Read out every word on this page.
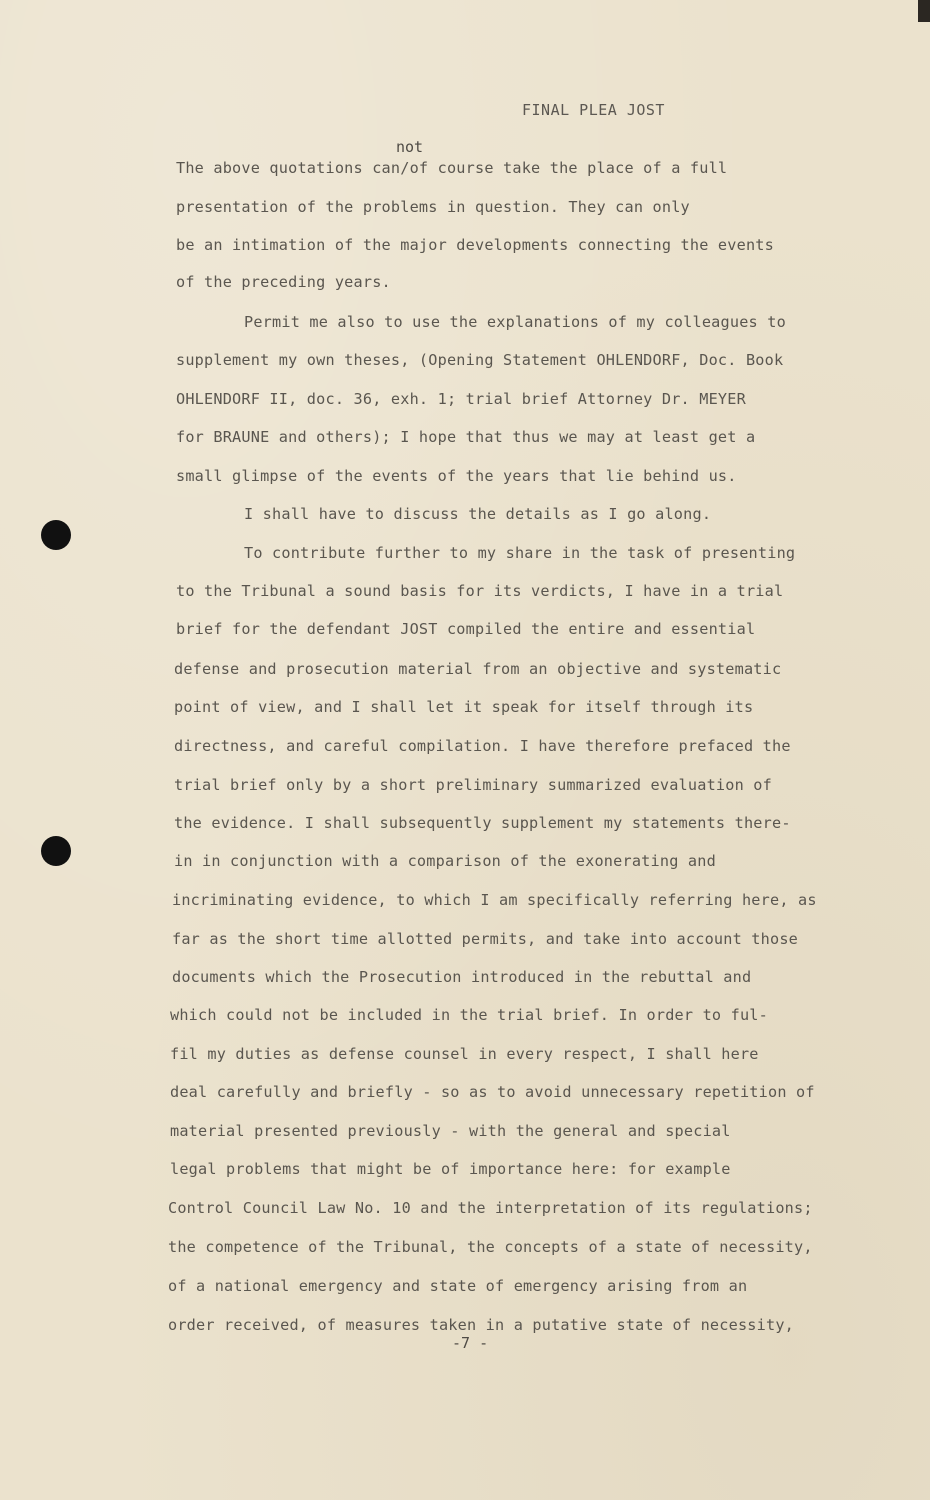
FINAL PLEA JOST
not
The above quotations can/of course take the place of a full
presentation of the problems in question. They can only
be an intimation of the major developments connecting the events
of the preceding years.
Permit me also to use the explanations of my colleagues to
supplement my own theses, (Opening Statement OHLENDORF, Doc. Book
OHLENDORF II, doc. 36, exh. 1; trial brief Attorney Dr. MEYER
for BRAUNE and others); I hope that thus we may at least get a
small glimpse of the events of the years that lie behind us.
I shall have to discuss the details as I go along.
To contribute further to my share in the task of presenting
to the Tribunal a sound basis for its verdicts, I have in a trial
brief for the defendant JOST compiled the entire and essential
defense and prosecution material from an objective and systematic
point of view, and I shall let it speak for itself through its
directness, and careful compilation. I have therefore prefaced the
trial brief only by a short preliminary summarized evaluation of
the evidence. I shall subsequently supplement my statements there-
in in conjunction with a comparison of the exonerating and
incriminating evidence, to which I am specifically referring here, as
far as the short time allotted permits, and take into account those
documents which the Prosecution introduced in the rebuttal and
which could not be included in the trial brief. In order to ful-
fil my duties as defense counsel in every respect, I shall here
deal carefully and briefly - so as to avoid unnecessary repetition of
material presented previously - with the general and special
legal problems that might be of importance here: for example
Control Council Law No. 10 and the interpretation of its regulations;
the competence of the Tribunal, the concepts of a state of necessity,
of a national emergency and state of emergency arising from an
order received, of measures taken in a putative state of necessity,
-7 -
